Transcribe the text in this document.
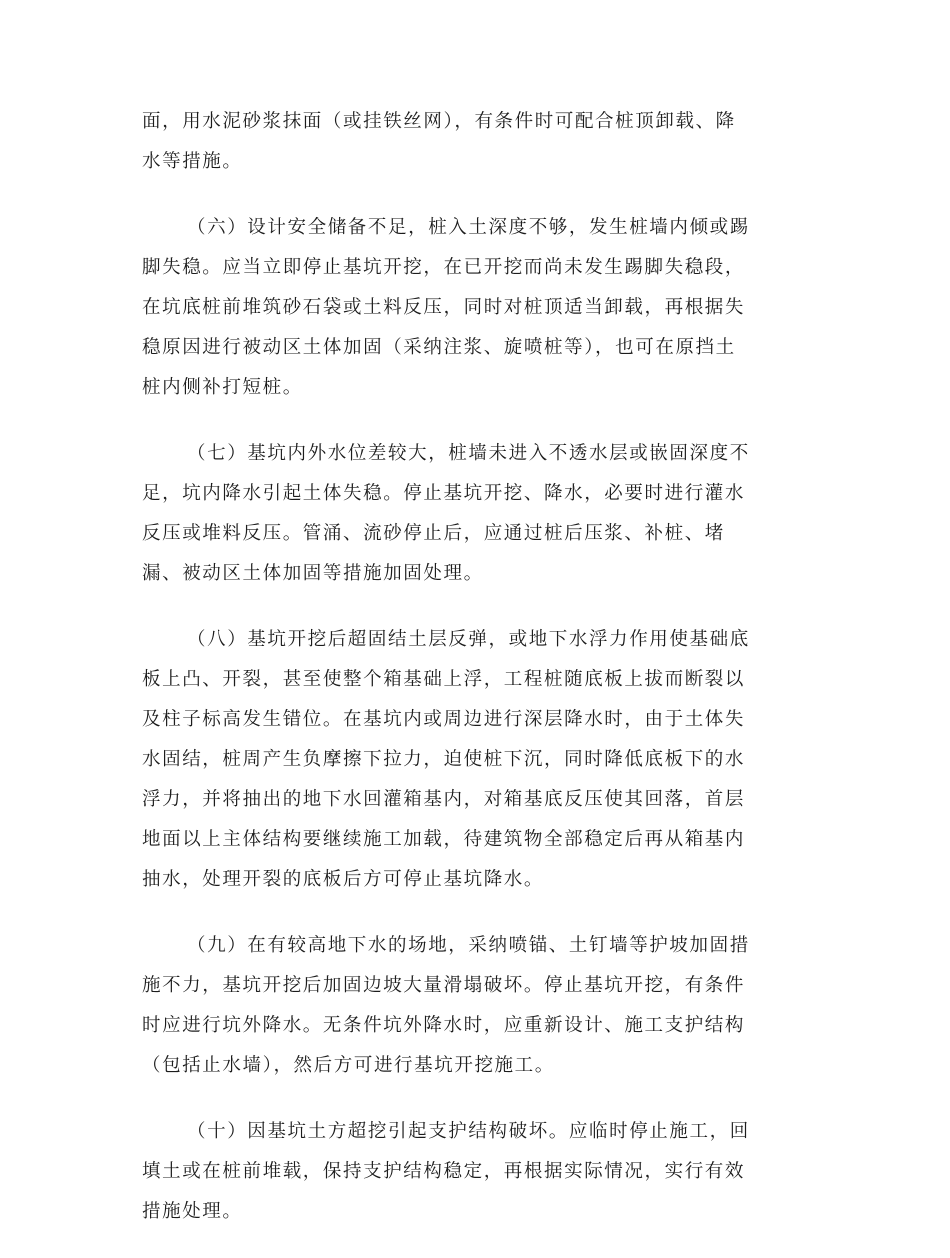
面，用水泥砂浆抹面（或挂铁丝网），有条件时可配合桩顶卸载、降
水等措施。

（六）设计安全储备不足，桩入土深度不够，发生桩墙内倾或踢
脚失稳。应当立即停止基坑开挖，在已开挖而尚未发生踢脚失稳段，
在坑底桩前堆筑砂石袋或土料反压，同时对桩顶适当卸载，再根据失
稳原因进行被动区土体加固（采纳注浆、旋喷桩等），也可在原挡土
桩内侧补打短桩。

（七）基坑内外水位差较大，桩墙未进入不透水层或嵌固深度不
足，坑内降水引起土体失稳。停止基坑开挖、降水，必要时进行灌水
反压或堆料反压。管涌、流砂停止后，应通过桩后压浆、补桩、堵
漏、被动区土体加固等措施加固处理。

（八）基坑开挖后超固结土层反弹，或地下水浮力作用使基础底
板上凸、开裂，甚至使整个箱基础上浮，工程桩随底板上拔而断裂以
及柱子标高发生错位。在基坑内或周边进行深层降水时，由于土体失
水固结，桩周产生负摩擦下拉力，迫使桩下沉，同时降低底板下的水
浮力，并将抽出的地下水回灌箱基内，对箱基底反压使其回落，首层
地面以上主体结构要继续施工加载，待建筑物全部稳定后再从箱基内
抽水，处理开裂的底板后方可停止基坑降水。

（九）在有较高地下水的场地，采纳喷锚、土钉墙等护坡加固措
施不力，基坑开挖后加固边坡大量滑塌破坏。停止基坑开挖，有条件
时应进行坑外降水。无条件坑外降水时，应重新设计、施工支护结构
（包括止水墙），然后方可进行基坑开挖施工。

（十）因基坑土方超挖引起支护结构破坏。应临时停止施工，回
填土或在桩前堆载，保持支护结构稳定，再根据实际情况，实行有效
措施处理。
